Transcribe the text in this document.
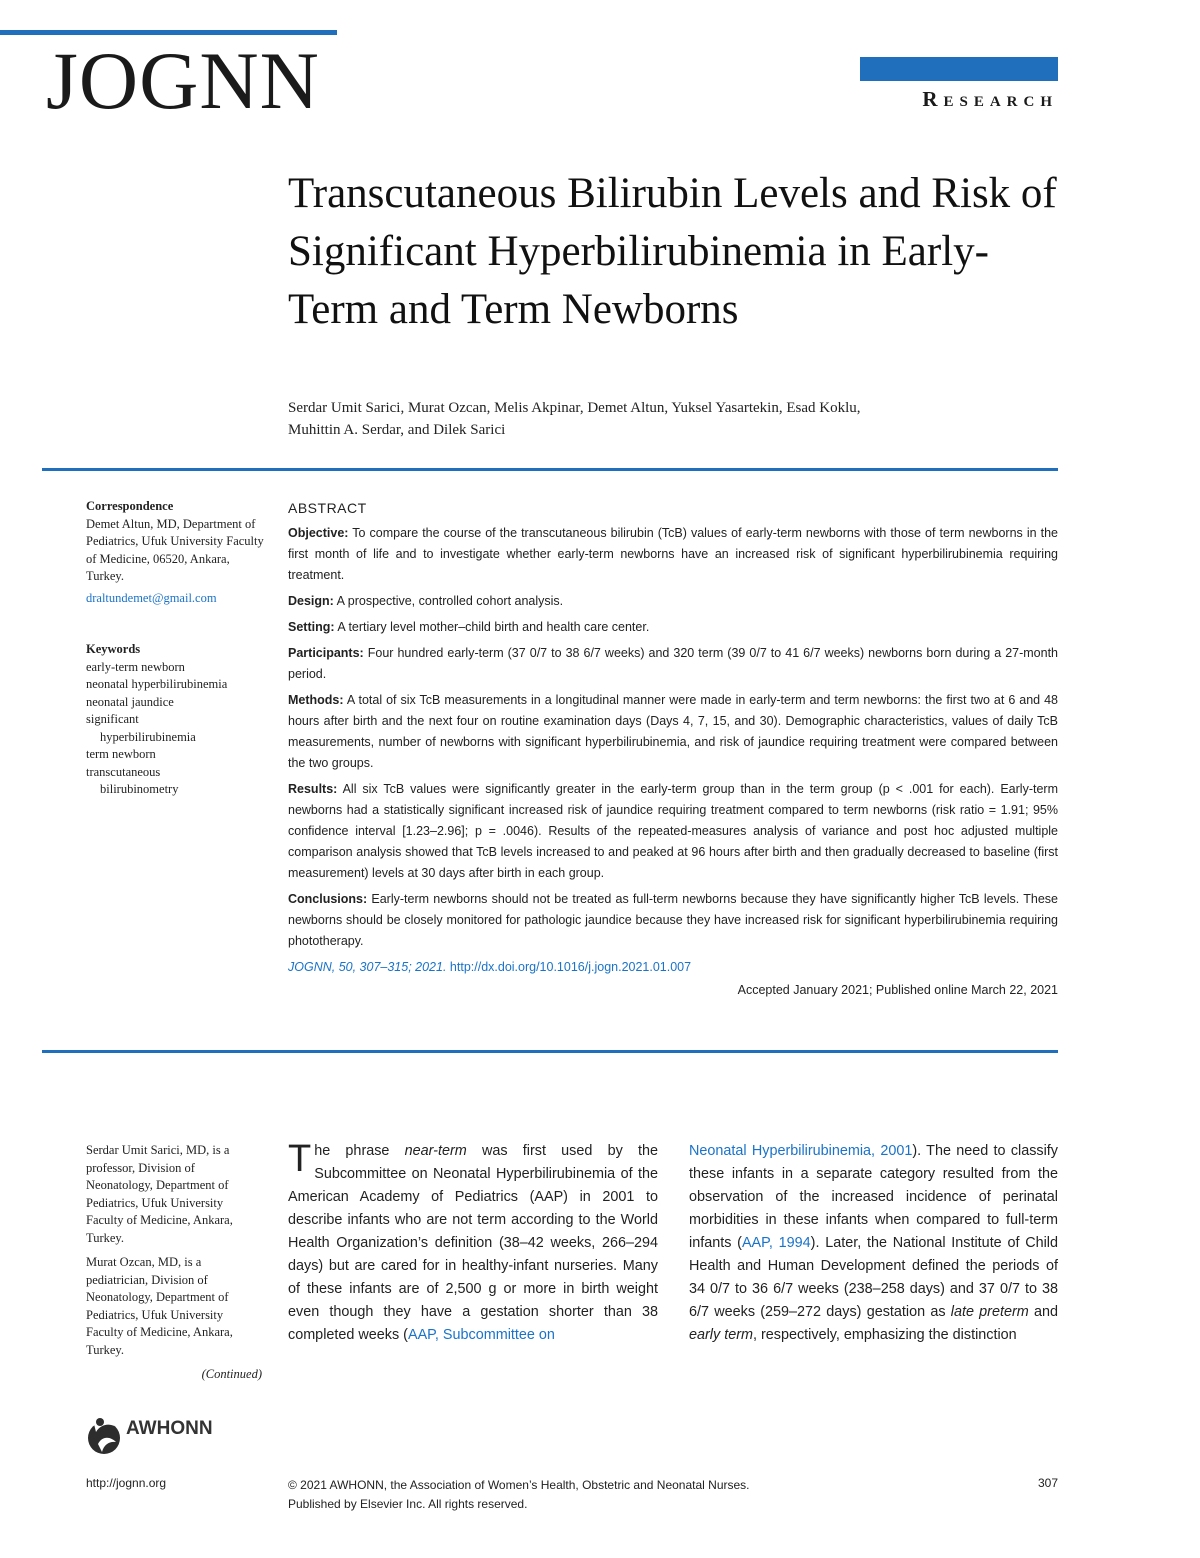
JOGNN	Research
Transcutaneous Bilirubin Levels and Risk of Significant Hyperbilirubinemia in Early-Term and Term Newborns
Serdar Umit Sarici, Murat Ozcan, Melis Akpinar, Demet Altun, Yuksel Yasartekin, Esad Koklu,
Muhittin A. Serdar, and Dilek Sarici
Correspondence
Demet Altun, MD, Department of Pediatrics, Ufuk University Faculty of Medicine, 06520, Ankara, Turkey.
draltundemet@gmail.com
Keywords
early-term newborn
neonatal hyperbilirubinemia
neonatal jaundice
significant
hyperbilirubinemia
term newborn
transcutaneous
bilirubinometry
ABSTRACT

Objective: To compare the course of the transcutaneous bilirubin (TcB) values of early-term newborns with those of term newborns in the first month of life and to investigate whether early-term newborns have an increased risk of significant hyperbilirubinemia requiring treatment.

Design: A prospective, controlled cohort analysis.

Setting: A tertiary level mother–child birth and health care center.

Participants: Four hundred early-term (37 0/7 to 38 6/7 weeks) and 320 term (39 0/7 to 41 6/7 weeks) newborns born during a 27-month period.

Methods: A total of six TcB measurements in a longitudinal manner were made in early-term and term newborns: the first two at 6 and 48 hours after birth and the next four on routine examination days (Days 4, 7, 15, and 30). Demographic characteristics, values of daily TcB measurements, number of newborns with significant hyperbilirubinemia, and risk of jaundice requiring treatment were compared between the two groups.

Results: All six TcB values were significantly greater in the early-term group than in the term group (p < .001 for each). Early-term newborns had a statistically significant increased risk of jaundice requiring treatment compared to term newborns (risk ratio = 1.91; 95% confidence interval [1.23–2.96]; p = .0046). Results of the repeated-measures analysis of variance and post hoc adjusted multiple comparison analysis showed that TcB levels increased to and peaked at 96 hours after birth and then gradually decreased to baseline (first measurement) levels at 30 days after birth in each group.

Conclusions: Early-term newborns should not be treated as full-term newborns because they have significantly higher TcB levels. These newborns should be closely monitored for pathologic jaundice because they have increased risk for significant hyperbilirubinemia requiring phototherapy.

JOGNN, 50, 307–315; 2021. http://dx.doi.org/10.1016/j.jogn.2021.01.007

Accepted January 2021; Published online March 22, 2021

Serdar Umit Sarici, MD, is a professor, Division of Neonatology, Department of Pediatrics, Ufuk University Faculty of Medicine, Ankara, Turkey.

Murat Ozcan, MD, is a pediatrician, Division of Neonatology, Department of Pediatrics, Ufuk University Faculty of Medicine, Ankara, Turkey.

(Continued)
The phrase near-term was first used by the Subcommittee on Neonatal Hyperbilirubinemia of the American Academy of Pediatrics (AAP) in 2001 to describe infants who are not term according to the World Health Organization’s definition (38–42 weeks, 266–294 days) but are cared for in healthy-infant nurseries. Many of these infants are of 2,500 g or more in birth weight even though they have a gestation shorter than 38 completed weeks (AAP, Subcommittee on
Neonatal Hyperbilirubinemia, 2001). The need to classify these infants in a separate category resulted from the observation of the increased incidence of perinatal morbidities in these infants when compared to full-term infants (AAP, 1994). Later, the National Institute of Child Health and Human Development defined the periods of 34 0/7 to 36 6/7 weeks (238–258 days) and 37 0/7 to 38 6/7 weeks (259–272 days) gestation as late preterm and early term, respectively, emphasizing the distinction
AWHONN
http://jognn.org	© 2021 AWHONN, the Association of Women’s Health, Obstetric and Neonatal Nurses.
Published by Elsevier Inc. All rights reserved.
307
